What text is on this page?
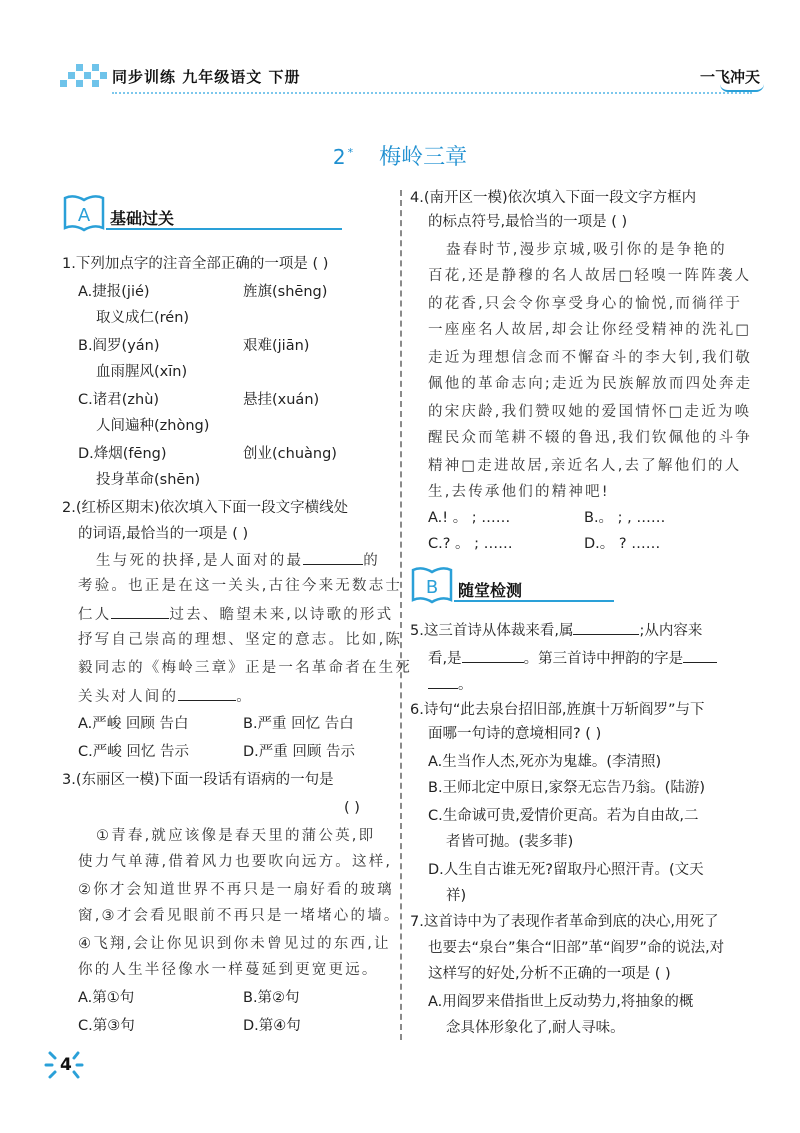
同步训练 九年级语文 下册	一飞冲天
2 * 梅岭三章
A 基础过关
1.下列加点字的注音全部正确的一项是 ( )
A.捷报(jié)	旌旗(shēng)
取义成仁(rén)
B.阎罗(yán)	艰难(jiān)
血雨腥风(xīn)
C.诸君(zhù)	悬挂(xuán)
人间遍种(zhòng)
D.烽烟(fēng)	创业(chuàng)
投身革命(shēn)
2.(红桥区期末)依次填入下面一段文字横线处
的词语,最恰当的一项是 ( )
生与死的抉择,是人面对的最	的
考验。也正是在这一关头,古往今来无数志士
仁人	过去、瞻望未来,以诗歌的形式
抒写自己崇高的理想、坚定的意志。比如,陈
毅同志的《梅岭三章》正是一名革命者在生死
关头对人间的	。
A.严峻 回顾 告白	B.严重 回忆 告白
C.严峻 回忆 告示	D.严重 回顾 告示
3.(东丽区一模)下面一段话有语病的一句是
( )
①青春,就应该像是春天里的蒲公英,即
使力气单薄,借着风力也要吹向远方。这样,
②你才会知道世界不再只是一扇好看的玻璃
窗,③才会看见眼前不再只是一堵堵心的墙。
④飞翔,会让你见识到你未曾见过的东西,让
你的人生半径像水一样蔓延到更宽更远。
A.第①句	B.第②句
C.第③句	D.第④句
4.(南开区一模)依次填入下面一段文字方框内
的标点符号,最恰当的一项是 ( )
盎春时节,漫步京城,吸引你的是争艳的
百花,还是静穆的名人故居□轻嗅一阵阵袭人
的花香,只会令你享受身心的愉悦,而徜徉于
一座座名人故居,却会让你经受精神的洗礼□
走近为理想信念而不懈奋斗的李大钊,我们敬
佩他的革命志向;走近为民族解放而四处奔走
的宋庆龄,我们赞叹她的爱国情怀□走近为唤
醒民众而笔耕不辍的鲁迅,我们钦佩他的斗争
精神□走进故居,亲近名人,去了解他们的人
生,去传承他们的精神吧!
A.! 。 ; ……	B.。 ; , ……
C.? 。 ; ……	D.。 ? ……
B 随堂检测
5.这三首诗从体裁来看,属	;从内容来
看,是	。第三首诗中押韵的字是
。
6.诗句“此去泉台招旧部,旌旗十万斩阎罗”与下
面哪一句诗的意境相同? ( )
A.生当作人杰,死亦为鬼雄。(李清照)
B.王师北定中原日,家祭无忘告乃翁。(陆游)
C.生命诚可贵,爱情价更高。若为自由故,二
者皆可抛。(裴多菲)
D.人生自古谁无死?留取丹心照汗青。(文天
祥)
7.这首诗中为了表现作者革命到底的决心,用死了
也要去“泉台”集合“旧部”革“阎罗”命的说法,对
这样写的好处,分析不正确的一项是 ( )
A.用阎罗来借指世上反动势力,将抽象的概
念具体形象化了,耐人寻味。
4
